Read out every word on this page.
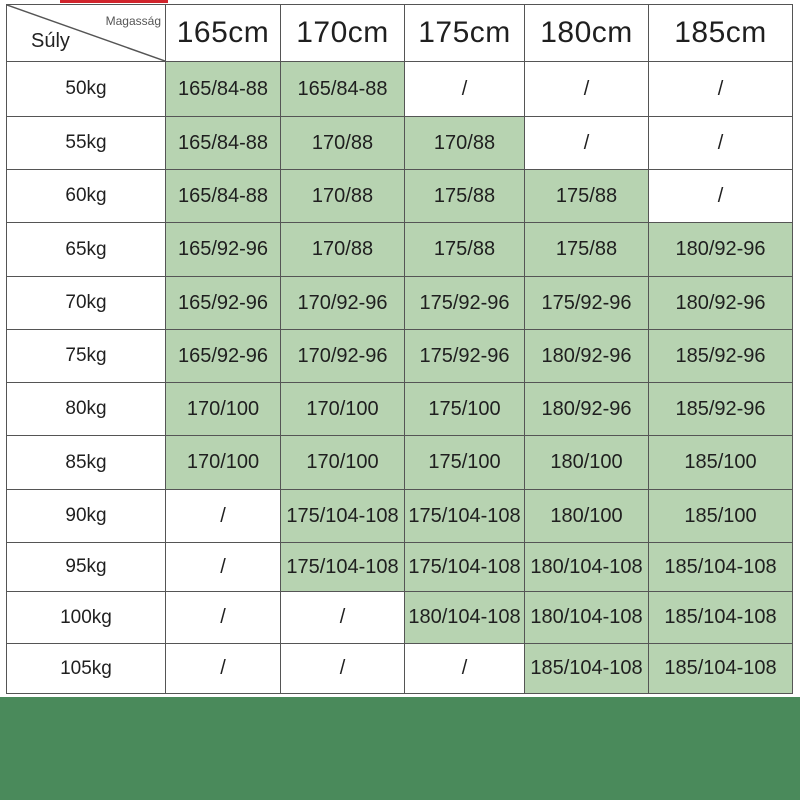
Magasság
Súly	165cm	170cm	175cm	180cm	185cm
50kg	165/84-88	165/84-88	/	/	/
55kg	165/84-88	170/88	170/88	/	/
60kg	165/84-88	170/88	175/88	175/88	/
65kg	165/92-96	170/88	175/88	175/88	180/92-96
70kg	165/92-96	170/92-96	175/92-96	175/92-96	180/92-96
75kg	165/92-96	170/92-96	175/92-96	180/92-96	185/92-96
80kg	170/100	170/100	175/100	180/92-96	185/92-96
85kg	170/100	170/100	175/100	180/100	185/100
90kg	/	175/104-108	175/104-108	180/100	185/100
95kg	/	175/104-108	175/104-108	180/104-108	185/104-108
100kg	/	/	180/104-108	180/104-108	185/104-108
105kg	/	/	/	185/104-108	185/104-108
